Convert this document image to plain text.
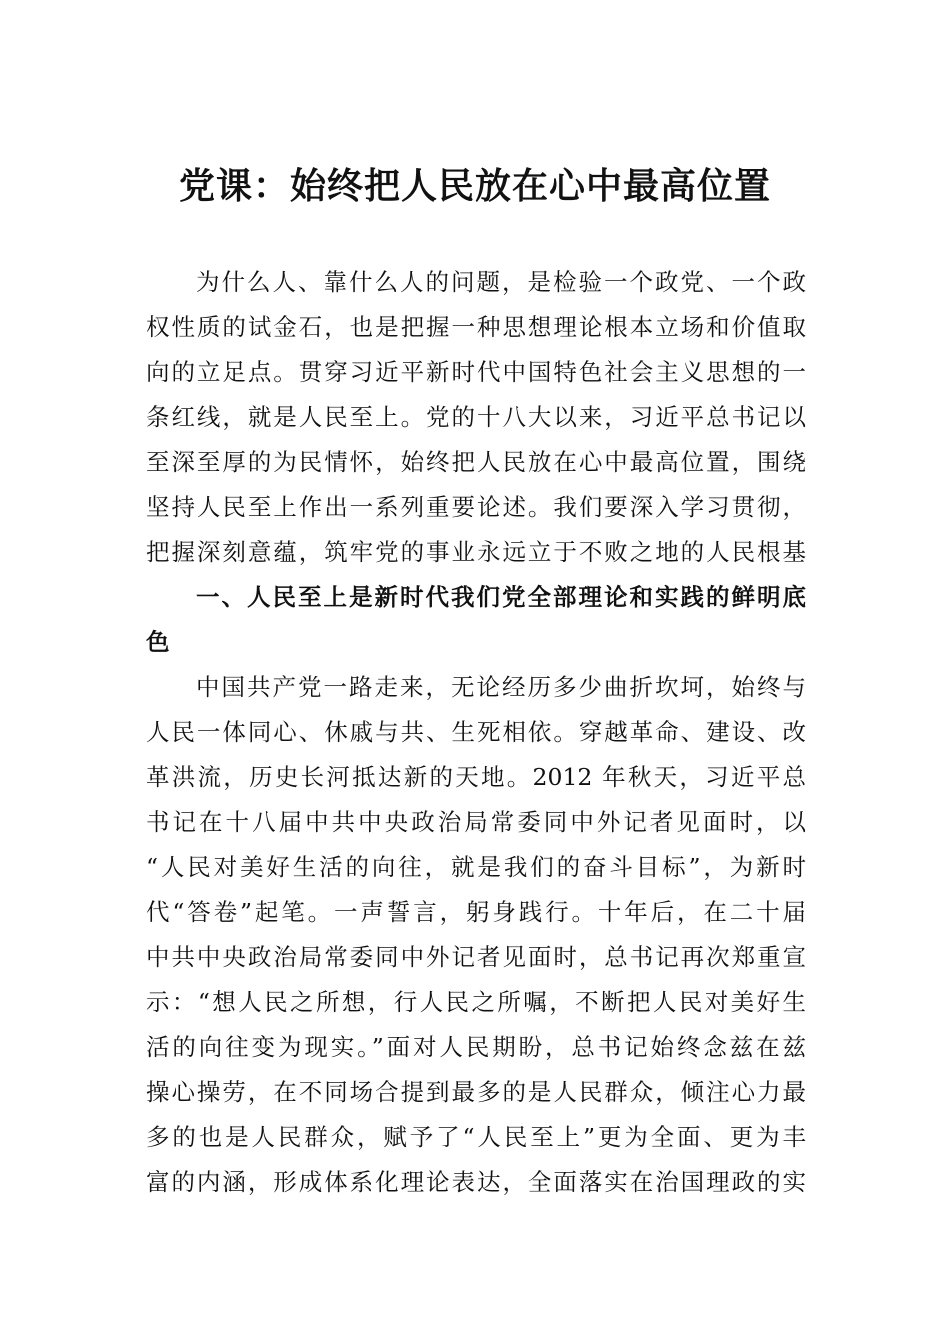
党课：始终把人民放在心中最高位置
为什么人、靠什么人的问题，是检验一个政党、一个政
权性质的试金石，也是把握一种思想理论根本立场和价值取
向的立足点。贯穿习近平新时代中国特色社会主义思想的一
条红线，就是人民至上。党的十八大以来，习近平总书记以
至深至厚的为民情怀，始终把人民放在心中最高位置，围绕
坚持人民至上作出一系列重要论述。我们要深入学习贯彻，
把握深刻意蕴，筑牢党的事业永远立于不败之地的人民根基
一、人民至上是新时代我们党全部理论和实践的鲜明底
色
中国共产党一路走来，无论经历多少曲折坎坷，始终与
人民一体同心、休戚与共、生死相依。穿越革命、建设、改
革洪流，历史长河抵达新的天地。2012 年秋天，习近平总
书记在十八届中共中央政治局常委同中外记者见面时，以
“人民对美好生活的向往，就是我们的奋斗目标”，为新时
代“答卷”起笔。一声誓言，躬身践行。十年后，在二十届
中共中央政治局常委同中外记者见面时，总书记再次郑重宣
示：“想人民之所想，行人民之所嘱，不断把人民对美好生
活的向往变为现实。”面对人民期盼，总书记始终念兹在兹
操心操劳，在不同场合提到最多的是人民群众，倾注心力最
多的也是人民群众，赋予了“人民至上”更为全面、更为丰
富的内涵，形成体系化理论表达，全面落实在治国理政的实
